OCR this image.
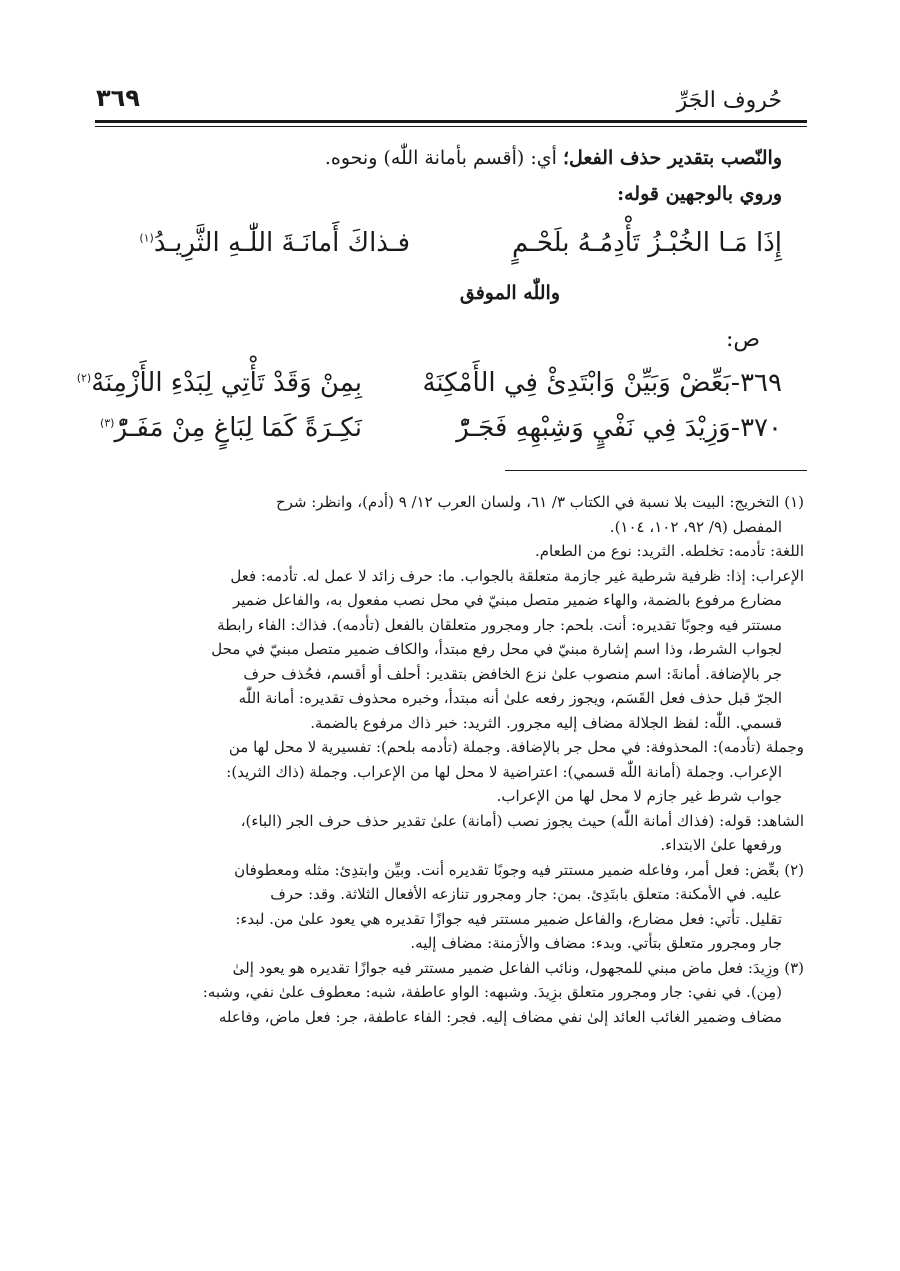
حُروف الجَرِّ
٣٦٩
والنّصب بتقدير حذف الفعل؛ أي: (أقسم بأمانة اللّٰه) ونحوه.
وروي بالوجهين قوله:
إِذَا مَـا الخُبْـزُ تَأْدِمُـهُ بلَحْـمٍ
فـذاكَ أَمانَـةَ اللّٰـهِ الثَّرِيـدُ$^{(١)}$
واللّٰه الموفق
ص:
٣٦٩-بَعِّضْ وَبَيِّنْ وَابْتَدِئْ فِي الأَمْكِنَهْ
بِمِنْ وَقَدْ تَأْتِي لِبَدْءِ الأَزْمِنَهْ$^{(٢)}$
٣٧٠-وَزِيْدَ فِي نَفْيٍ وَشِبْهِهِ فَجَـرّْ
نَكِـرَةً كَمَا لِبَاغٍ مِنْ مَفَـرّْ$^{(٣)}$
(١) التخريج: البيت بلا نسبة في الكتاب ٣/ ٦١، ولسان العرب ١٢/ ٩ (أدم)، وانظر: شرح
المفصل (٩/ ٩٢، ١٠٢، ١٠٤).
اللغة: تأدمه: تخلطه. الثريد: نوع من الطعام.
الإعراب: إذا: ظرفية شرطية غير جازمة متعلقة بالجواب. ما: حرف زائد لا عمل له. تأدمه: فعل
مضارع مرفوع بالضمة، والهاء ضمير متصل مبنيّ في محل نصب مفعول به، والفاعل ضمير
مستتر فيه وجوبًا تقديره: أنت. بلحم: جار ومجرور متعلقان بالفعل (تأدمه). فذاك: الفاء رابطة
لجواب الشرط، وذا اسم إشارة مبنيّ في محل رفع مبتدأ، والكاف ضمير متصل مبنيّ في محل
جر بالإضافة. أمانةَ: اسم منصوب علىٰ نزع الخافض بتقدير: أحلف أو أقسم، فحُذف حرف
الجرّ قبل حذف فعل القَسَم، ويجوز رفعه علىٰ أنه مبتدأ، وخبره محذوف تقديره: أمانة اللّٰه
قسمي. اللّٰه: لفظ الجلالة مضاف إليه مجرور. الثريد: خبر ذاك مرفوع بالضمة.
وجملة (تأدمه): المحذوفة: في محل جر بالإضافة. وجملة (تأدمه بلحم): تفسيرية لا محل لها من
الإعراب. وجملة (أمانة اللّٰه قسمي): اعتراضية لا محل لها من الإعراب. وجملة (ذاك الثريد):
جواب شرط غير جازم لا محل لها من الإعراب.
الشاهد: قوله: (فذاك أمانة اللّٰه) حيث يجوز نصب (أمانة) علىٰ تقدير حذف حرف الجر (الباء)،
ورفعها علىٰ الابتداء.
(٢) بعِّض: فعل أمر، وفاعله ضمير مستتر فيه وجوبًا تقديره أنت. وبيِّن وابتدِئ: مثله ومعطوفان
عليه. في الأمكنة: متعلق بابتَدِئ. بمن: جار ومجرور تنازعه الأفعال الثلاثة. وقد: حرف
تقليل. تأتي: فعل مضارع، والفاعل ضمير مستتر فيه جوازًا تقديره هي يعود علىٰ من. لبدء:
جار ومجرور متعلق بتأتي. وبدء: مضاف والأزمنة: مضاف إليه.
(٣) وزِيدَ: فعل ماض مبني للمجهول، ونائب الفاعل ضمير مستتر فيه جوازًا تقديره هو يعود إلىٰ
(مِن). في نفي: جار ومجرور متعلق بزِيدَ. وشبهه: الواو عاطفة، شبه: معطوف علىٰ نفي، وشبه:
مضاف وضمير الغائب العائد إلىٰ نفي مضاف إليه. فجر: الفاء عاطفة، جر: فعل ماض، وفاعله
